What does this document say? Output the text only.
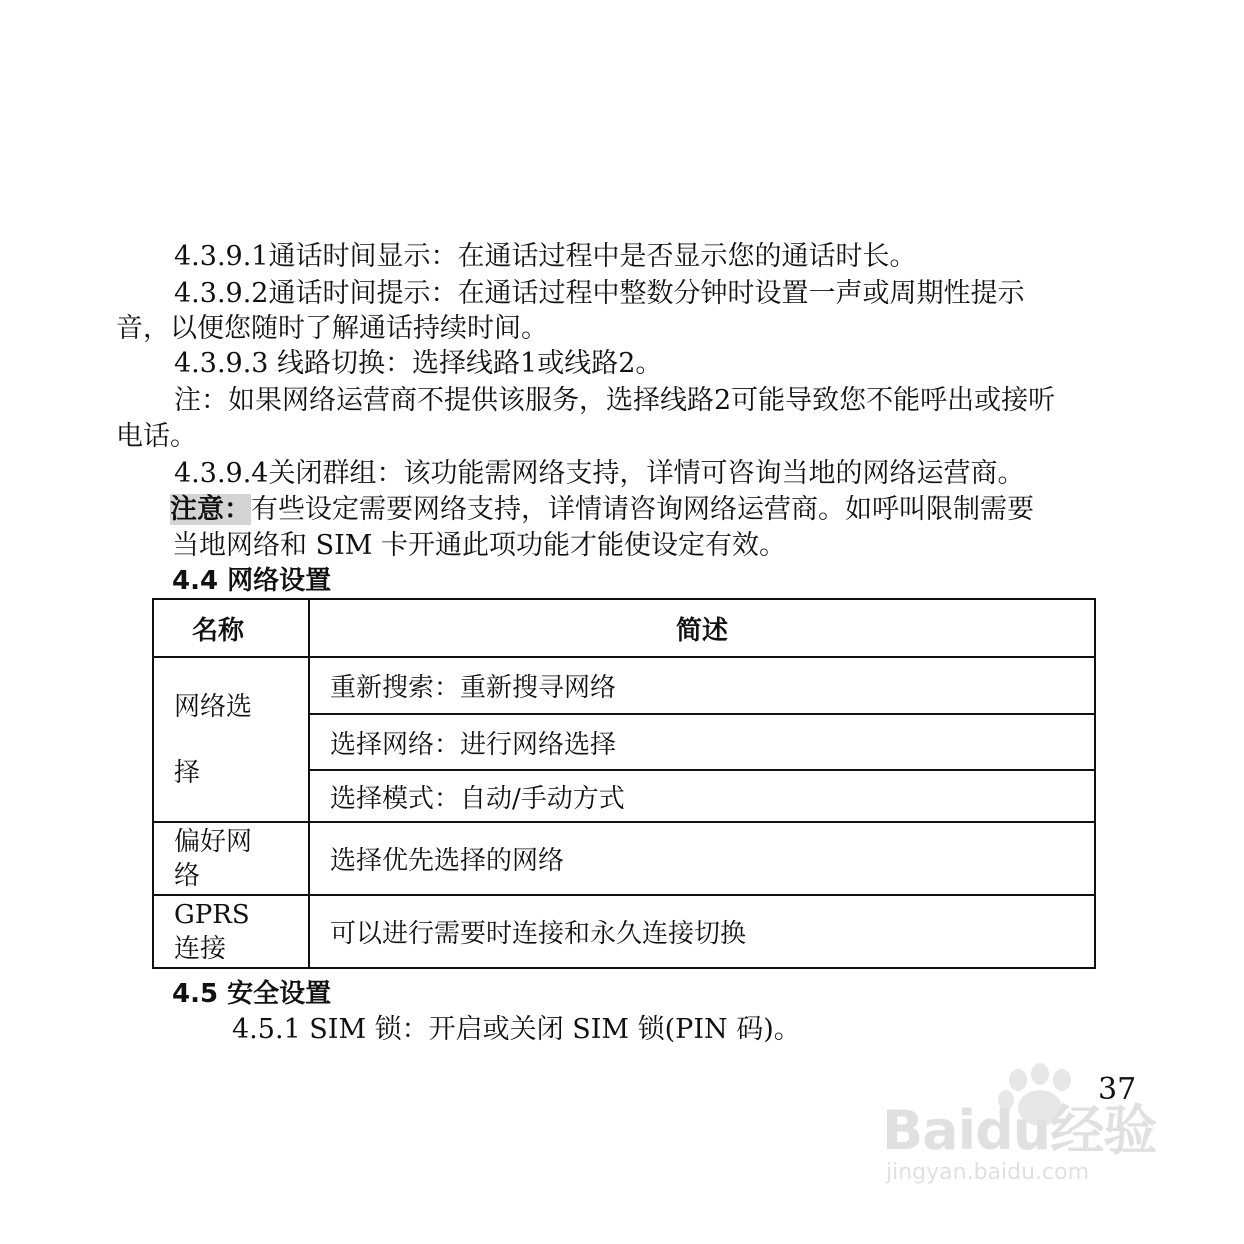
4.3.9.1通话时间显示：在通话过程中是否显示您的通话时长。
4.3.9.2通话时间提示：在通话过程中整数分钟时设置一声或周期性提示
音，以便您随时了解通话持续时间。
4.3.9.3 线路切换：选择线路1或线路2。
注：如果网络运营商不提供该服务，选择线路2可能导致您不能呼出或接听
电话。
4.3.9.4关闭群组：该功能需网络支持，详情可咨询当地的网络运营商。
注意：有些设定需要网络支持，详情请咨询网络运营商。如呼叫限制需要
当地网络和 SIM 卡开通此项功能才能使设定有效。
4.4 网络设置
名称	简述

网络选
择	重新搜索：重新搜寻网络
	选择网络：进行网络选择
	选择模式：自动/手动方式

偏好网
络	选择优先选择的网络

GPRS
连接	可以进行需要时连接和永久连接切换
4.5 安全设置
4.5.1 SIM 锁：开启或关闭 SIM 锁(PIN 码)。
37
Baidu经验
jingyan.baidu.com
